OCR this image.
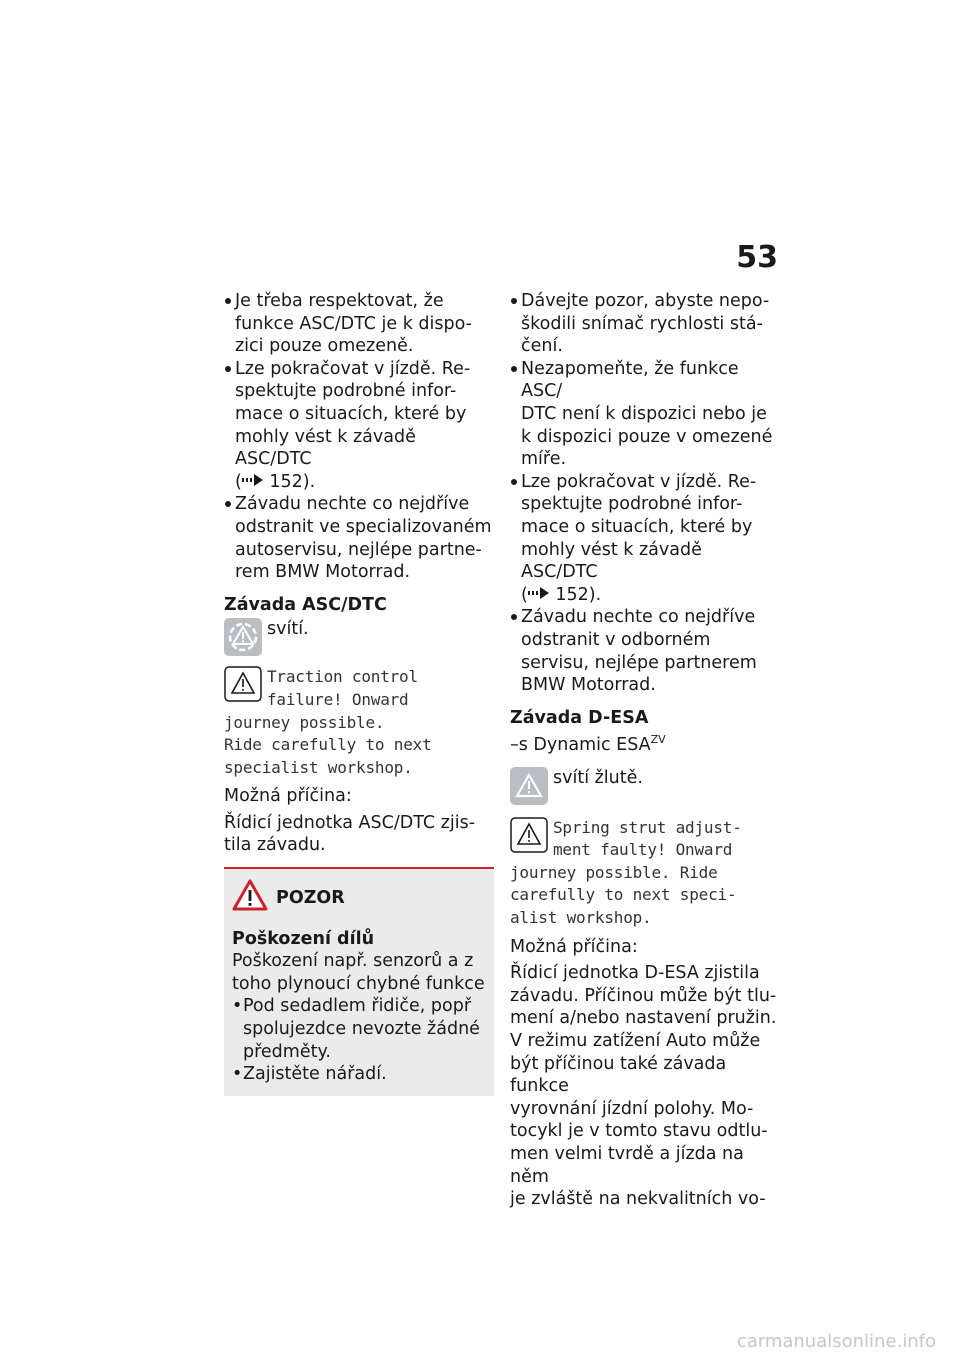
53
Je třeba respektovat, že
funkce ASC/DTC je k dispo-
zici pouze omezeně.
Lze pokračovat v jízdě. Re-
spektujte podrobné infor-
mace o situacích, které by
mohly vést k závadě ASC/DTC
( 152).
Závadu nechte co nejdříve
odstranit ve specializovaném
autoservisu, nejlépe partne-
rem BMW Motorrad.
Závada ASC/DTC
svítí.
Traction control
failure! Onward
journey possible.
Ride carefully to next
specialist workshop.
Možná příčina:
Řídicí jednotka ASC/DTC zjis-
tila závadu.
POZOR
Poškození dílů
Poškození např. senzorů a z
toho plynoucí chybné funkce
• Pod sedadlem řidiče, popř
spolujezdce nevozte žádné
předměty.
• Zajistěte nářadí.
Dávejte pozor, abyste nepo-
škodili snímač rychlosti stá-
čení.
Nezapomeňte, že funkce ASC/
DTC není k dispozici nebo je
k dispozici pouze v omezené
míře.
Lze pokračovat v jízdě. Re-
spektujte podrobné infor-
mace o situacích, které by
mohly vést k závadě ASC/DTC
( 152).
Závadu nechte co nejdříve
odstranit v odborném
servisu, nejlépe partnerem
BMW Motorrad.
Závada D-ESA
–s Dynamic $ESA^{ZV}$
svítí žlutě.
Spring strut adjust-
ment faulty! Onward
journey possible. Ride
carefully to next speci-
alist workshop.
Možná příčina:
Řídicí jednotka D-ESA zjistila
závadu. Příčinou může být tlu-
mení a/nebo nastavení pružin.
V režimu zatížení Auto může
být příčinou také závada funkce
vyrovnání jízdní polohy. Mo-
tocykl je v tomto stavu odtlu-
men velmi tvrdě a jízda na něm
je zvláště na nekvalitních vo-
carmanualsonline.info
